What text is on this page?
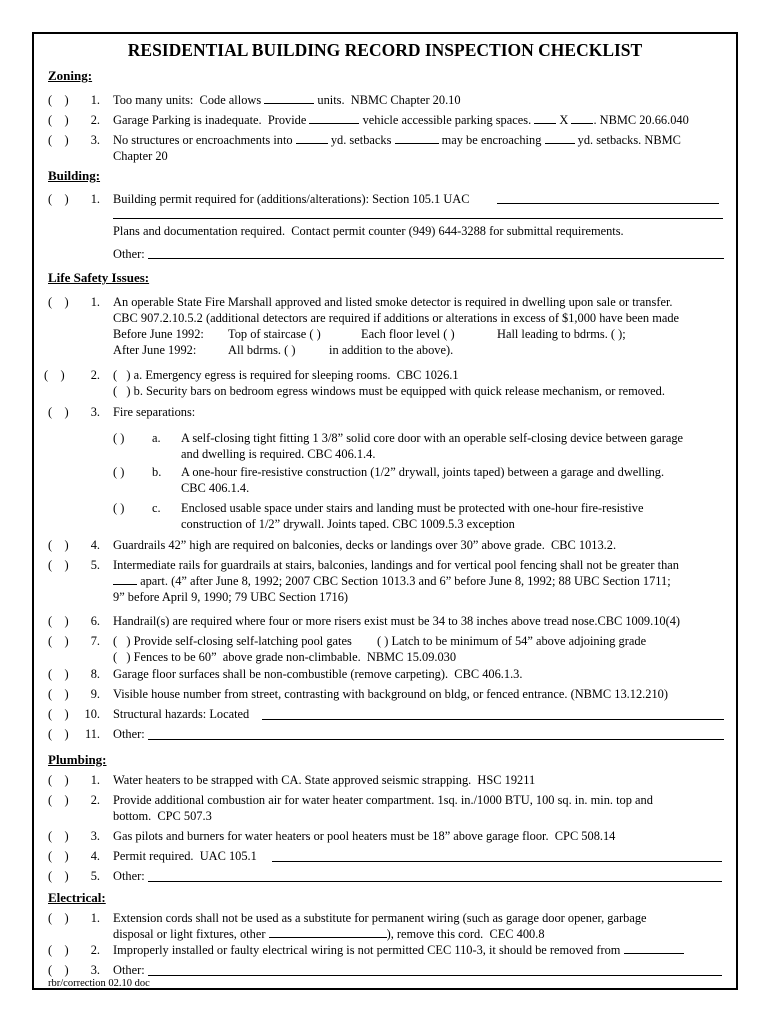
RESIDENTIAL BUILDING RECORD INSPECTION CHECKLIST
Zoning:
(    )	1. Too many units:  Code allows	units.  NBMC Chapter 20.10
(    )	2. Garage Parking is inadequate.  Provide	vehicle accessible parking spaces. X . NBMC 20.66.040
(    )	3. No structures or encroachments into	yd. setbacks	may be encroaching	yd. setbacks. NBMC
Chapter 20
Building:
(    )	1. Building permit required for (additions/alterations): Section 105.1 UAC
Plans and documentation required.  Contact permit counter (949) 644-3288 for submittal requirements.
Other:
Life Safety Issues:
(    )	1. An operable State Fire Marshall approved and listed smoke detector is required in dwelling upon sale or transfer.
CBC 907.2.10.5.2 (additional detectors are required if additions or alterations in excess of $1,000 have been made
Before June 1992: Top of staircase ( )	Each floor level ( )	Hall leading to bdrms. ( );
After June 1992:	All bdrms. ( )	in addition to the above).
(    )	2. (   ) a. Emergency egress is required for sleeping rooms.  CBC 1026.1
(   ) b. Security bars on bedroom egress windows must be equipped with quick release mechanism, or removed.
(    )	3. Fire separations:
( ) a. A self-closing tight fitting 1 3/8” solid core door with an operable self-closing device between garage
and dwelling is required. CBC 406.1.4.
( ) b. A one-hour fire-resistive construction (1/2” drywall, joints taped) between a garage and dwelling.
CBC 406.1.4.
( ) c. Enclosed usable space under stairs and landing must be protected with one-hour fire-resistive
construction of 1/2” drywall. Joints taped. CBC 1009.5.3 exception
(    )	4. Guardrails 42” high are required on balconies, decks or landings over 30” above grade.  CBC 1013.2.
(    )	5. Intermediate rails for guardrails at stairs, balconies, landings and for vertical pool fencing shall not be greater than
apart. (4” after June 8, 1992; 2007 CBC Section 1013.3 and 6” before June 8, 1992; 88 UBC Section 1711;
9” before April 9, 1990; 79 UBC Section 1716)
(    )	6. Handrail(s) are required where four or more risers exist must be 34 to 38 inches above tread nose.CBC 1009.10(4)
(    )	7. (   ) Provide self-closing self-latching pool gates
(   ) Fences to be 60”  above grade non-climbable.  NBMC 15.09.030
( ) Latch to be minimum of 54” above adjoining grade
(    )	8. Garage floor surfaces shall be non-combustible (remove carpeting).  CBC 406.1.3.
(    )	9. Visible house number from street, contrasting with background on bldg, or fenced entrance. (NBMC 13.12.210)
(    )	10. Structural hazards: Located
(    )	11. Other:
Plumbing:
(    )	1. Water heaters to be strapped with CA. State approved seismic strapping.  HSC 19211
(    )	2. Provide additional combustion air for water heater compartment. 1sq. in./1000 BTU, 100 sq. in. min. top and
bottom.  CPC 507.3
(    )	3. Gas pilots and burners for water heaters or pool heaters must be 18” above garage floor.  CPC 508.14
(    )	4. Permit required.  UAC 105.1
(    )	5. Other:
Electrical:
(    )	1. Extension cords shall not be used as a substitute for permanent wiring (such as garage door opener, garbage
disposal or light fixtures, other	), remove this cord.  CEC 400.8
(    )	2. Improperly installed or faulty electrical wiring is not permitted CEC 110-3, it should be removed from
(    )	3. Other:
rbr/correction 02.10 doc
